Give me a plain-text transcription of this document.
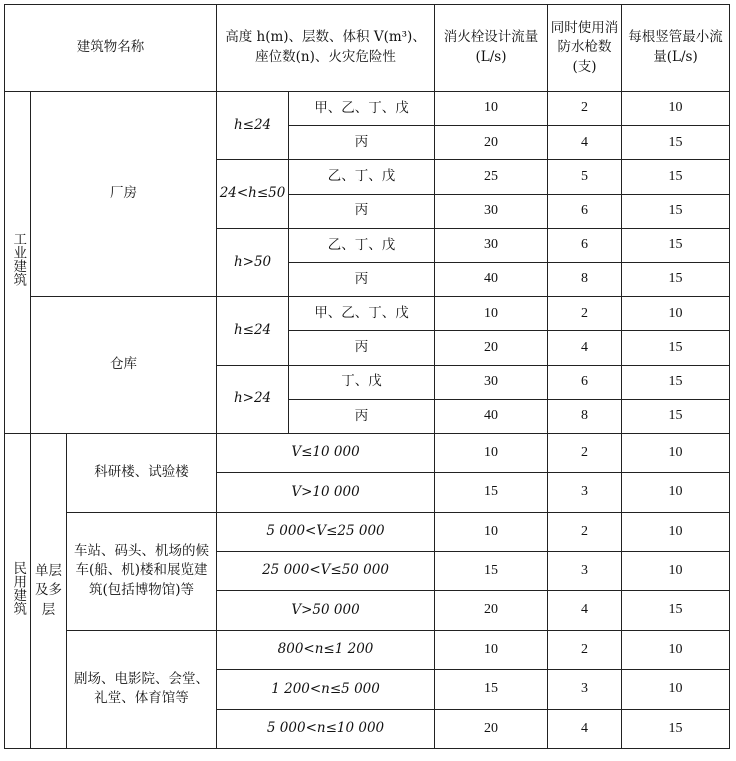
建筑物名称			高度 h(m)、层数、体积 V(m³)、座位数(n)、火灾危险性		消火栓设计流量(L/s)	同时使用消防水枪数(支)	每根竖管最小流量(L/s)
工业建筑	厂房		h≤24	甲、乙、丁、戊	10	2	10
				丙	20	4	15
			24<h≤50	乙、丁、戊	25	5	15
				丙	30	6	15
			h>50	乙、丁、戊	30	6	15
				丙	40	8	15
	仓库		h≤24	甲、乙、丁、戊	10	2	10
				丙	20	4	15
			h>24	丁、戊	30	6	15
				丙	40	8	15
民用建筑	单层及多层	科研楼、试验楼	V≤10 000		10	2	10
			V>10 000		15	3	10
		车站、码头、机场的候车(船、机)楼和展览建筑(包括博物馆)等	5 000<V≤25 000		10	2	10
			25 000<V≤50 000		15	3	10
			V>50 000		20	4	15
		剧场、电影院、会堂、礼堂、体育馆等	800<n≤1 200		10	2	10
			1 200<n≤5 000		15	3	10
			5 000<n≤10 000		20	4	15
